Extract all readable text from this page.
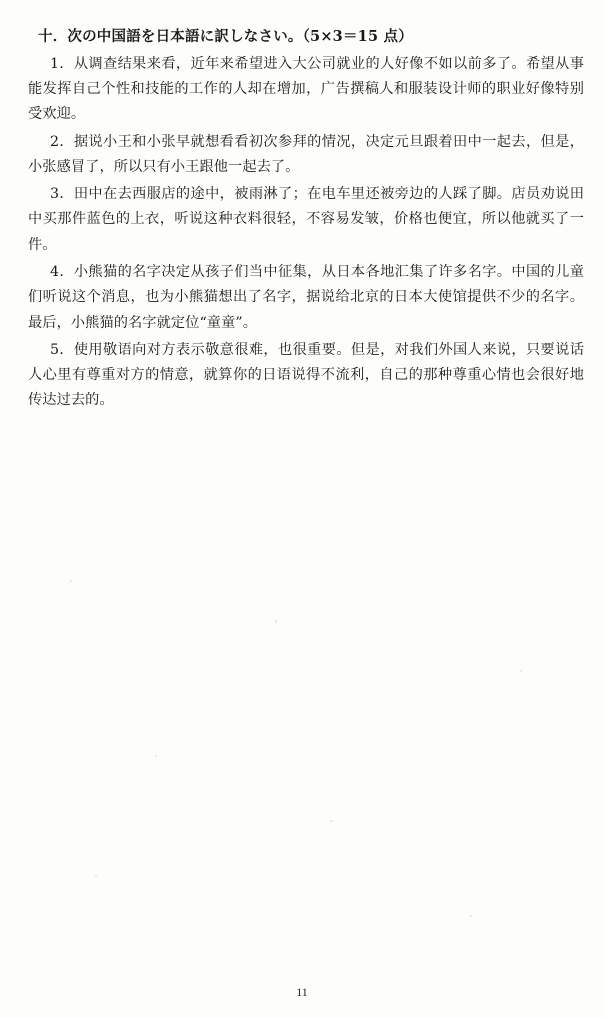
十．次の中国語を日本語に訳しなさい。（5×3＝15 点）

1．从调查结果来看，近年来希望进入大公司就业的人好像不如以前多了。希望从事能发挥自己个性和技能的工作的人却在增加，广告撰稿人和服装设计师的职业好像特别受欢迎。

2．据说小王和小张早就想看看初次参拜的情况，决定元旦跟着田中一起去，但是，小张感冒了，所以只有小王跟他一起去了。

3．田中在去西服店的途中，被雨淋了；在电车里还被旁边的人踩了脚。店员劝说田中买那件蓝色的上衣，听说这种衣料很轻，不容易发皱，价格也便宜，所以他就买了一件。

4．小熊猫的名字决定从孩子们当中征集，从日本各地汇集了许多名字。中国的儿童们听说这个消息，也为小熊猫想出了名字，据说给北京的日本大使馆提供不少的名字。最后，小熊猫的名字就定位“童童”。

5．使用敬语向对方表示敬意很难，也很重要。但是，对我们外国人来说，只要说话人心里有尊重对方的情意，就算你的日语说得不流利，自己的那种尊重心情也会很好地传达过去的。

11
